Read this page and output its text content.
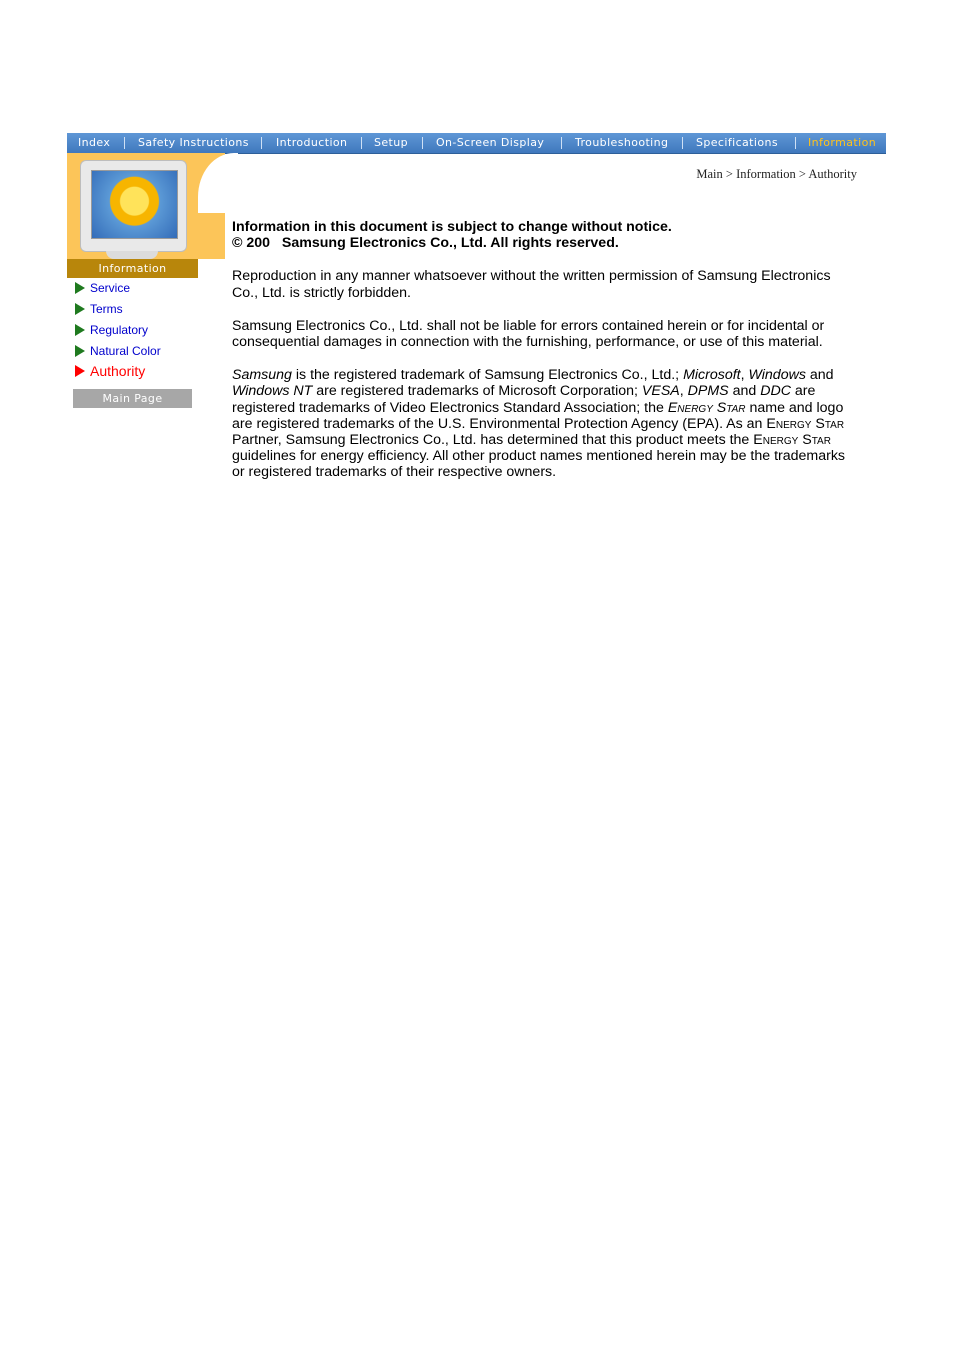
Index	Safety Instructions Introduction Setup	On-Screen Display	Troubleshooting	Specifications	Information
Information
Service
Terms
Regulatory
Natural Color
Authority
Main Page
Main > Information > Authority

Information in this document is subject to change without notice.
© 200   Samsung Electronics Co., Ltd. All rights reserved.

Reproduction in any manner whatsoever without the written permission of Samsung Electronics Co., Ltd. is strictly forbidden.

Samsung Electronics Co., Ltd. shall not be liable for errors contained herein or for incidental or consequential damages in connection with the furnishing, performance, or use of this material.

Samsung is the registered trademark of Samsung Electronics Co., Ltd.; Microsoft, Windows and Windows NT are registered trademarks of Microsoft Corporation; VESA, DPMS and DDC are registered trademarks of Video Electronics Standard Association; the Energy Star name and logo are registered trademarks of the U.S. Environmental Protection Agency (EPA). As an Energy Star Partner, Samsung Electronics Co., Ltd. has determined that this product meets the Energy Star guidelines for energy efficiency. All other product names mentioned herein may be the trademarks or registered trademarks of their respective owners.
